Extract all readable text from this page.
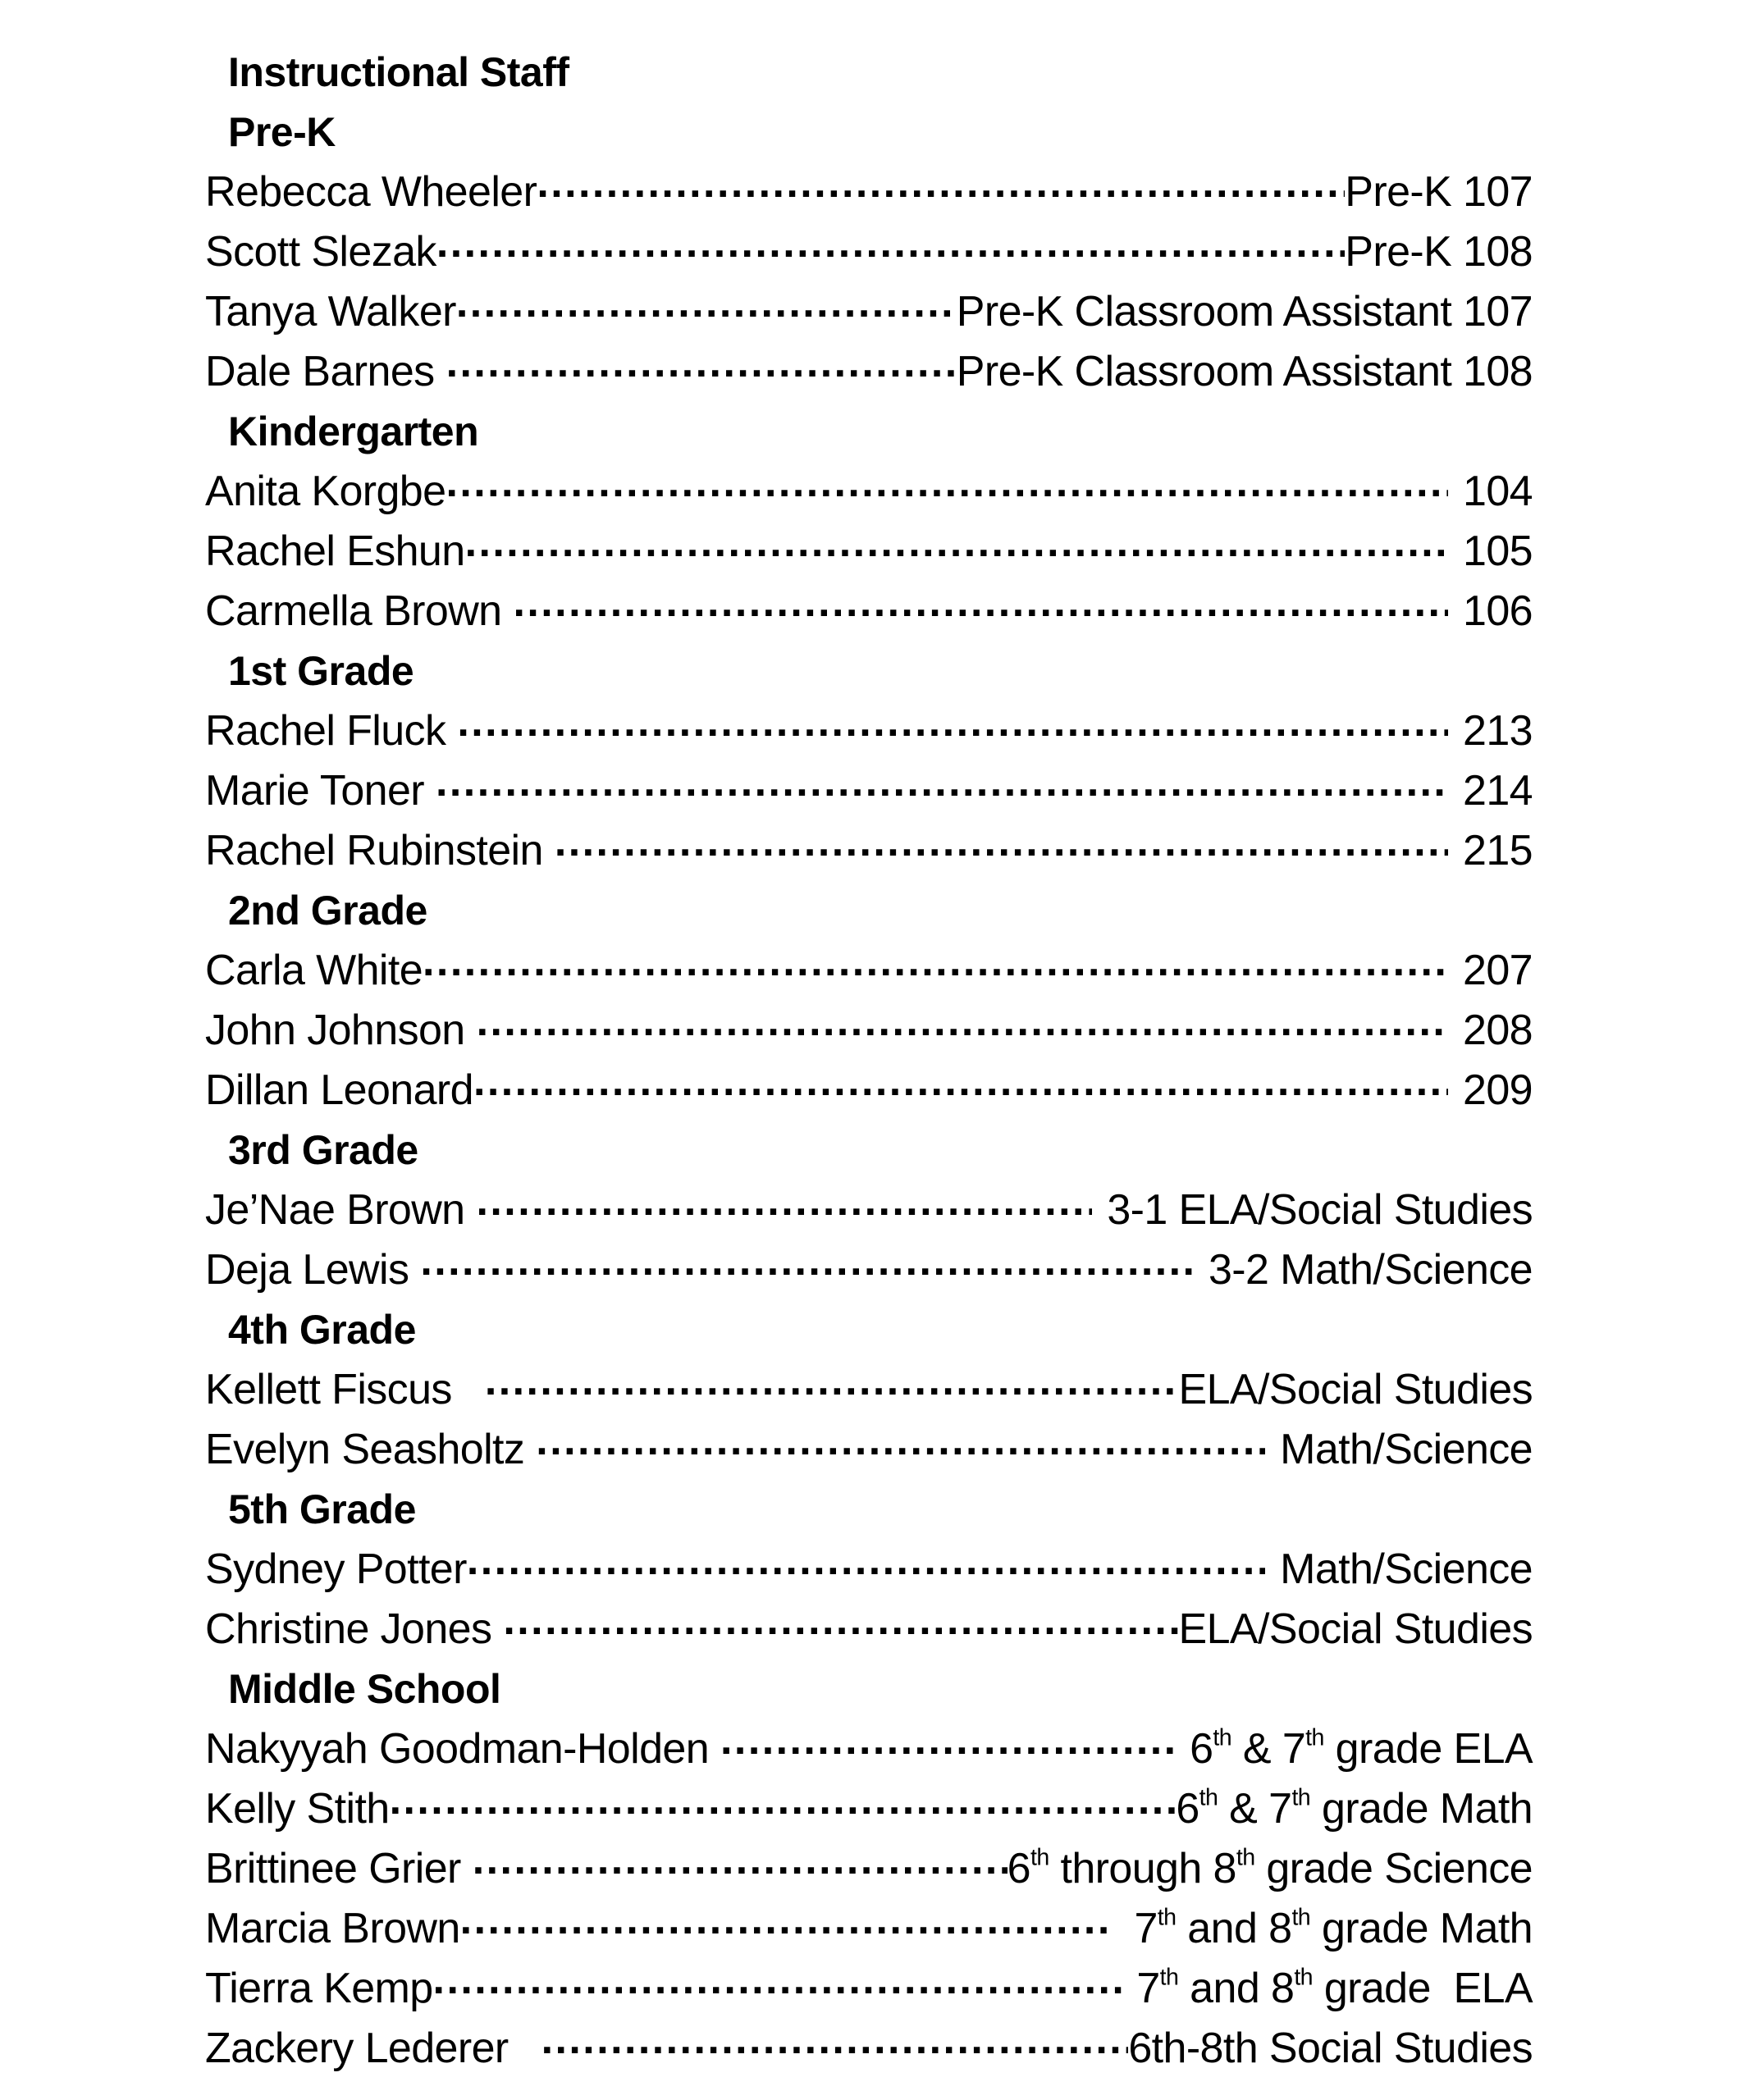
Instructional Staff
Pre-K
Rebecca Wheeler . . .	Pre-K 107
Scott Slezak . . .	Pre-K 108
Tanya Walker . . .	Pre-K Classroom Assistant 107
Dale Barnes . . .	Pre-K Classroom Assistant 108
Kindergarten
Anita Korgbe . . .	104
Rachel Eshun . . .	105
Carmella Brown . . .	106
1st Grade
Rachel Fluck . . .	213
Marie Toner . . .	214
Rachel Rubinstein . . .	215
2nd Grade
Carla White . . .	207
John Johnson . . .	208
Dillan Leonard . . .	209
3rd Grade
Je’Nae Brown . . .	3-1 ELA/Social Studies
Deja Lewis . . .	3-2 Math/Science
4th Grade
Kellett Fiscus . . .	ELA/Social Studies
Evelyn Seasholtz . . .	Math/Science
5th Grade
Sydney Potter . . .	Math/Science
Christine Jones . . .	ELA/Social Studies
Middle School
Nakyyah Goodman-Holden . . .	6th & 7th grade ELA
Kelly Stith . . .	6th & 7th grade Math
Brittinee Grier . . .	6th through 8th grade Science
Marcia Brown . . .	7th and 8th grade Math
Tierra Kemp . . .	7th and 8th grade  ELA
Zackery Lederer . . .	6th-8th Social Studies
